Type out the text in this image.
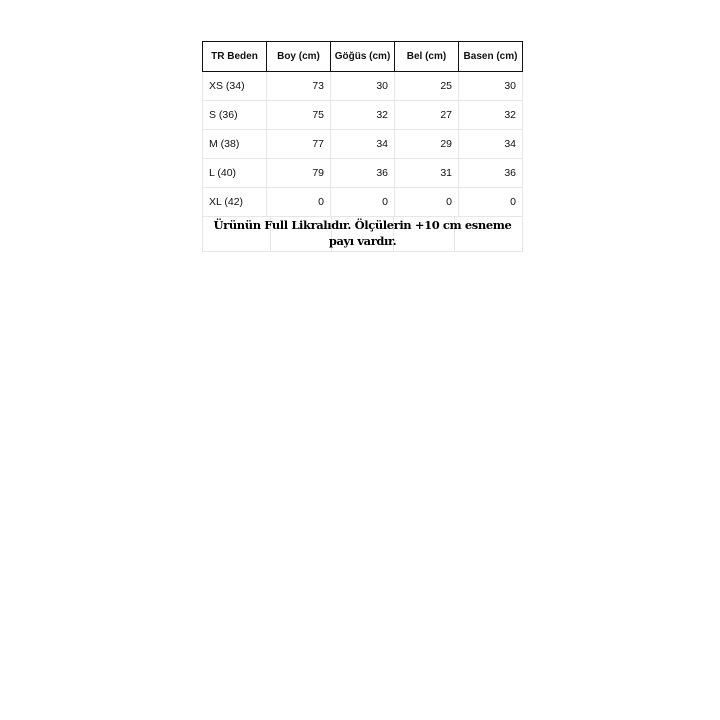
TR Beden	Boy (cm)	Göğüs (cm)	Bel (cm)	Basen (cm)
XS (34)	73	30	25	30
S (36)	75	32	27	32
M (38)	77	34	29	34
L (40)	79	36	31	36
XL (42)	0	0	0	0

Ürünün Full Likralıdır. Ölçülerin +10 cm esneme payı vardır.				
